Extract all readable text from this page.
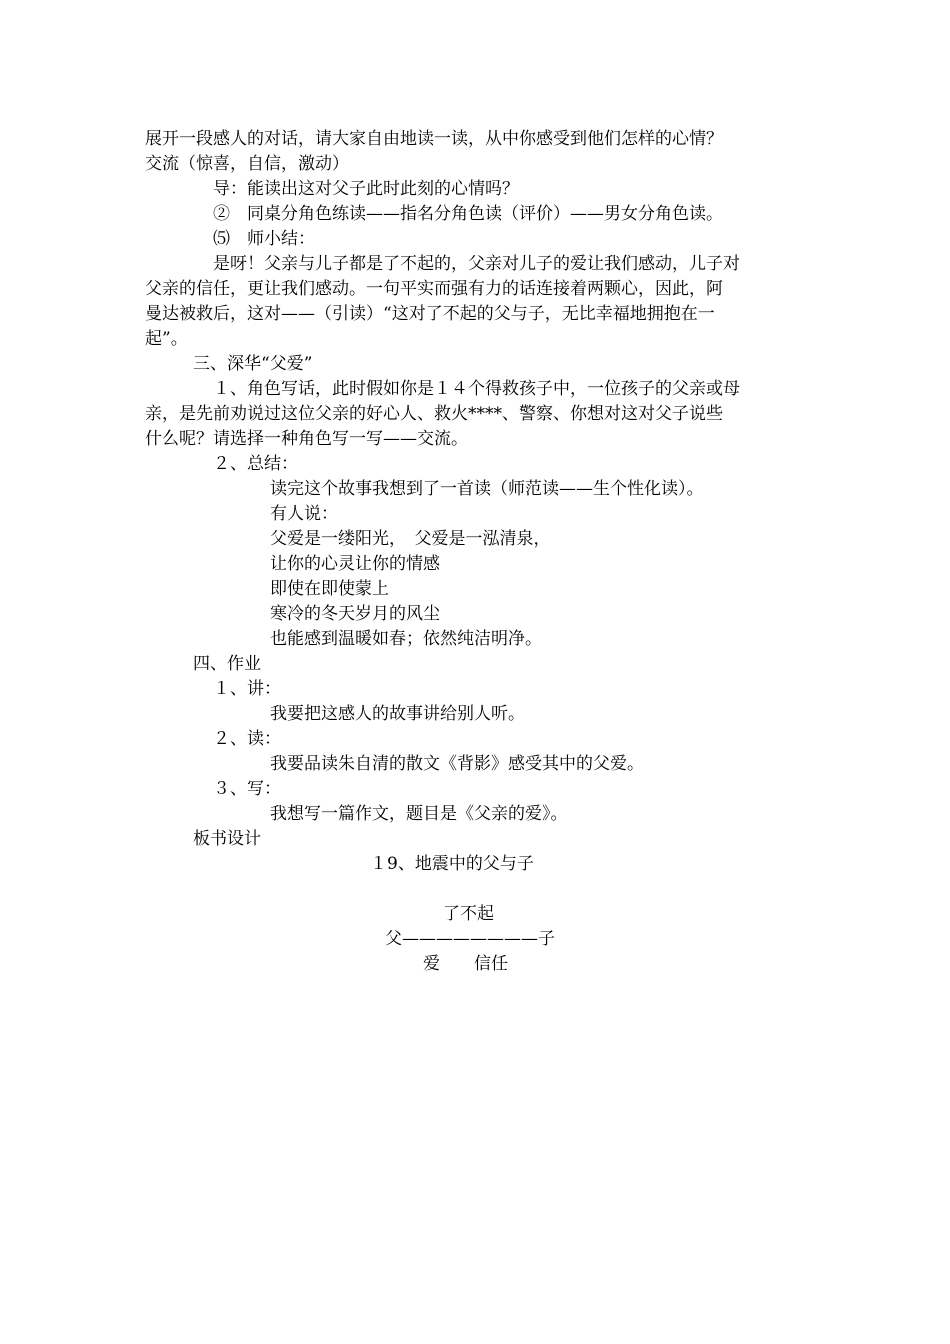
展开一段感人的对话，请大家自由地读一读，从中你感受到他们怎样的心情？
交流（惊喜，自信，激动）
导：能读出这对父子此时此刻的心情吗？
②　同桌分角色练读——指名分角色读（评价）——男女分角色读。
⑸　师小结：
是呀！父亲与儿子都是了不起的，父亲对儿子的爱让我们感动，儿子对
父亲的信任，更让我们感动。一句平实而强有力的话连接着两颗心，因此，阿
曼达被救后，这对——（引读）“这对了不起的父与子，无比幸福地拥抱在一
起”。
三、深华“父爱”
１、角色写话，此时假如你是１４个得救孩子中，一位孩子的父亲或母
亲，是先前劝说过这位父亲的好心人、救火****、警察、你想对这对父子说些
什么呢？请选择一种角色写一写——交流。
２、总结：
读完这个故事我想到了一首读（师范读——生个性化读）。
有人说：
父爱是一缕阳光，　父爱是一泓清泉，
让你的心灵让你的情感
即使在即使蒙上
寒冷的冬天岁月的风尘
也能感到温暖如春；依然纯洁明净。
四、作业
１、讲：
我要把这感人的故事讲给别人听。
２、读：
我要品读朱自清的散文《背影》感受其中的父爱。
３、写：
我想写一篇作文，题目是《父亲的爱》。
板书设计
１9、地震中的父与子
了不起
父————————子
爱　　信任
